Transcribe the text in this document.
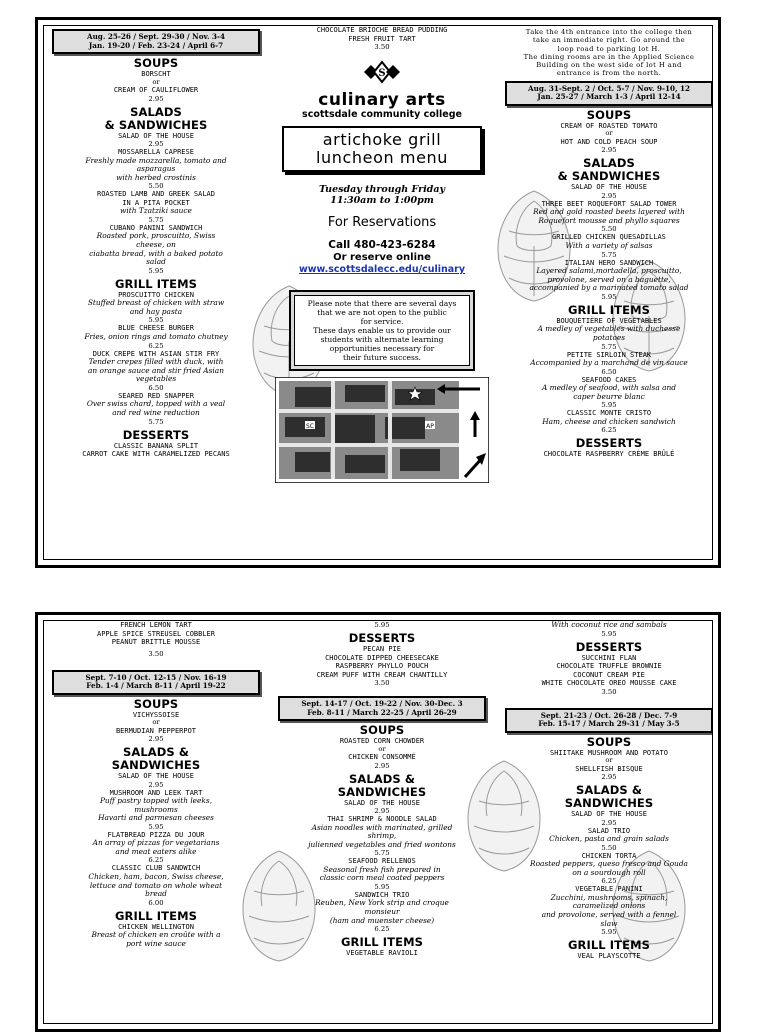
Aug. 25-26 / Sept. 29-30 / Nov. 3-4
Jan. 19-20 / Feb. 23-24 / April 6-7
SOUPS
BORSCHT
or
CREAM OF CAULIFLOWER
2.95
SALADS
& SANDWICHES
SALAD OF THE HOUSE
2.95
MOSSARELLA CAPRESE
Freshly made mozzarella, tomato and
asparagus
with herbed crostinis
5.50
ROASTED LAMB AND GREEK SALAD
IN A PITA POCKET
with Tzatziki sauce
5.75
CUBANO PANINI SANDWICH
Roasted pork, proscuitto, Swiss
cheese, on
ciabatta bread, with a baked potato
salad
5.95
GRILL ITEMS
PROSCUITTO CHICKEN
Stuffed breast of chicken with straw
and hay pasta
5.95
BLUE CHEESE BURGER
Fries, onion rings and tomato chutney
6.25
DUCK CREPE WITH ASIAN STIR FRY
Tender crepes filled with duck, with
an orange sauce and stir fried Asian
vegetables
6.50
SEARED RED SNAPPER
Over swiss chard, topped with a veal
and red wine reduction
5.75
DESSERTS
CLASSIC BANANA SPLIT
CARROT CAKE WITH CARAMELIZED PECANS
CHOCOLATE BRIOCHE BREAD PUDDING
FRESH FRUIT TART
3.50
S
culinary arts
scottsdale community college
artichoke grill
luncheon menu
Tuesday through Friday
11:30am to 1:00pm
For Reservations
Call 480-423-6284
Or reserve online
www.scottsdalecc.edu/culinary
Please note that there are several days
that we are not open to the public
for service.
These days enable us to provide our
students with alternate learning
opportunities necessary for
their future success.
SC	AP
Take the 4th entrance into the college then
take an immediate right. Go around the
loop road to parking lot H.
The dining rooms are in the Applied Science
Building on the west side of lot H and
entrance is from the north.
Aug. 31-Sept. 2 / Oct. 5-7 / Nov. 9-10, 12
Jan. 25-27 / March 1-3 / April 12-14
SOUPS
CREAM OF ROASTED TOMATO
or
HOT AND COLD PEACH SOUP
2.95
SALADS
& SANDWICHES
SALAD OF THE HOUSE
2.95
THREE BEET ROQUEFORT SALAD TOWER
Red and gold roasted beets layered with
Roquefort mousse and phyllo squares
5.50
GRILLED CHICKEN QUESADILLAS
With a variety of salsas
5.75
ITALIAN HERO SANDWICH
Layered salami,mortadella, proscuitto,
provolone, served on a baguette,
accompanied by a marinated tomato salad
5.95
GRILL ITEMS
BOUQUETIÈRE OF VEGETABLES
A medley of vegetables with duchesse
potatoes
5.75
PETITE SIRLOIN STEAK
Accompanied by a marchand de vin sauce
6.50
SEAFOOD CAKES
A medley of seafood, with salsa and
caper beurre blanc
5.95
CLASSIC MONTE CRISTO
Ham, cheese and chicken sandwich
6.25
DESSERTS
CHOCOLATE RASPBERRY CRÈME BRÛLÉ
FRENCH LEMON TART
APPLE SPICE STREUSEL COBBLER
PEANUT BRITTLE MOUSSE
3.50
Sept. 7-10 / Oct. 12-15 / Nov. 16-19
Feb. 1-4 / March 8-11 / April 19-22
SOUPS
VICHYSSOISE
or
BERMUDIAN PEPPERPOT
2.95
SALADS &
SANDWICHES
SALAD OF THE HOUSE
2.95
MUSHROOM AND LEEK TART
Puff pastry topped with leeks,
mushrooms
Havarti and parmesan cheeses
5.95
FLATBREAD PIZZA DU JOUR
An array of pizzas for vegetarians
and meat eaters alike
6.25
CLASSIC CLUB SANDWICH
Chicken, ham, bacon, Swiss cheese,
lettuce and tomato on whole wheat
bread
6.00
GRILL ITEMS
CHICKEN WELLINGTON
Breast of chicken en croûte with a
port wine sauce
5.95
DESSERTS
PECAN PIE
CHOCOLATE DIPPED CHEESECAKE
RASPBERRY PHYLLO POUCH
CREAM PUFF WITH CREAM CHANTILLY
3.50
Sept. 14-17 / Oct. 19-22 / Nov. 30-Dec. 3
Feb. 8-11 / March 22-25 / April 26-29
SOUPS
ROASTED CORN CHOWDER
or
CHICKEN CONSOMMÉ
2.95
SALADS &
SANDWICHES
SALAD OF THE HOUSE
2.95
THAI SHRIMP & NOODLE SALAD
Asian noodles with marinated, grilled
shrimp,
julienned vegetables and fried wontons
5.75
SEAFOOD RELLENOS
Seasonal fresh fish prepared in
classic corn meal coated peppers
5.95
SANDWICH TRIO
Reuben, New York strip and croque
monsieur
(ham and muenster cheese)
6.25
GRILL ITEMS
VEGETABLE RAVIOLI
With coconut rice and sambals
5.95
DESSERTS
SUCCHINI FLAN
CHOCOLATE TRUFFLE BROWNIE
COCONUT CREAM PIE
WHITE CHOCOLATE OREO MOUSSE CAKE
3.50
Sept. 21-23 / Oct. 26-28 / Dec. 7-9
Feb. 15-17 / March 29-31 / May 3-5
SOUPS
SHIITAKE MUSHROOM AND POTATO
or
SHELLFISH BISQUE
2.95
SALADS &
SANDWICHES
SALAD OF THE HOUSE
2.95
SALAD TRIO
Chicken, pasta and grain salads
5.50
CHICKEN TORTA
Roasted peppers, queso fresco and Gouda
on a sourdough roll
6.25
VEGETABLE PANINI
Zucchini, mushrooms, spinach,
caramelized onions
and provolone, served with a fennel
slaw
5.95
GRILL ITEMS
VEAL PLAYSCOTTE
